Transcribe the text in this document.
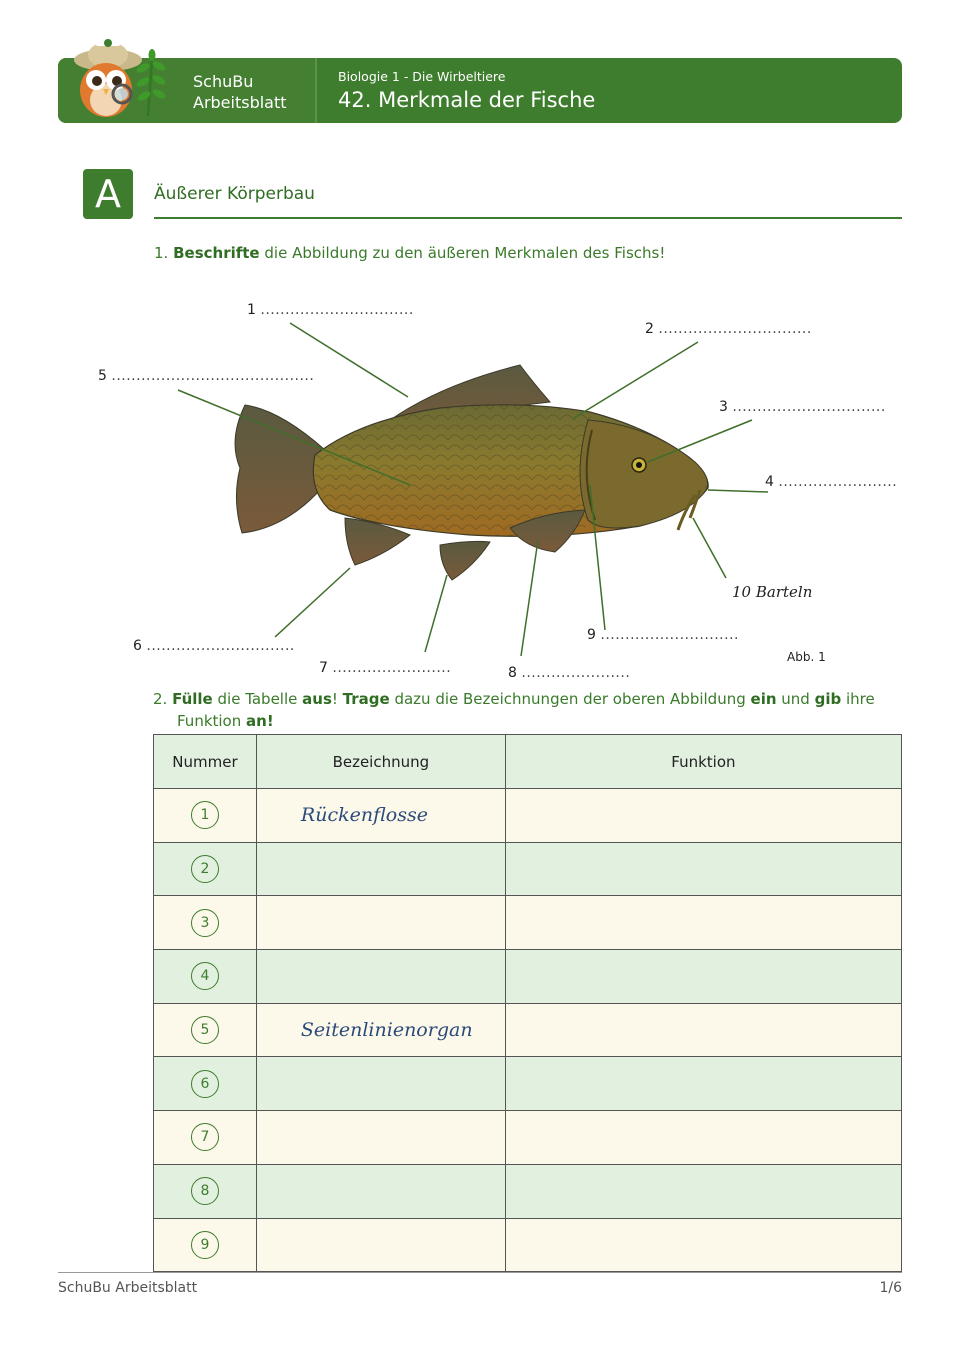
SchuBu
Arbeitsblatt
Biologie 1 - Die Wirbeltiere
42. Merkmale der Fische
A	Äußerer Körperbau
1. Beschrifte die Abbildung zu den äußeren Merkmalen des Fischs!
1 ...............................
2 ...............................
3 ...............................
4 ........................
5 .........................................
6 ..............................
7 ........................	8 ......................
9 ............................
10 Barteln
Abb. 1
2. Fülle die Tabelle aus! Trage dazu die Bezeichnungen der oberen Abbildung ein und gib ihre
Funktion an!
Nummer	Bezeichnung	Funktion
1	Rückenflosse	
2		
3		
4		
5	Seitenlinienorgan	
6		
7		
8		
9		
SchuBu Arbeitsblatt	1/6
